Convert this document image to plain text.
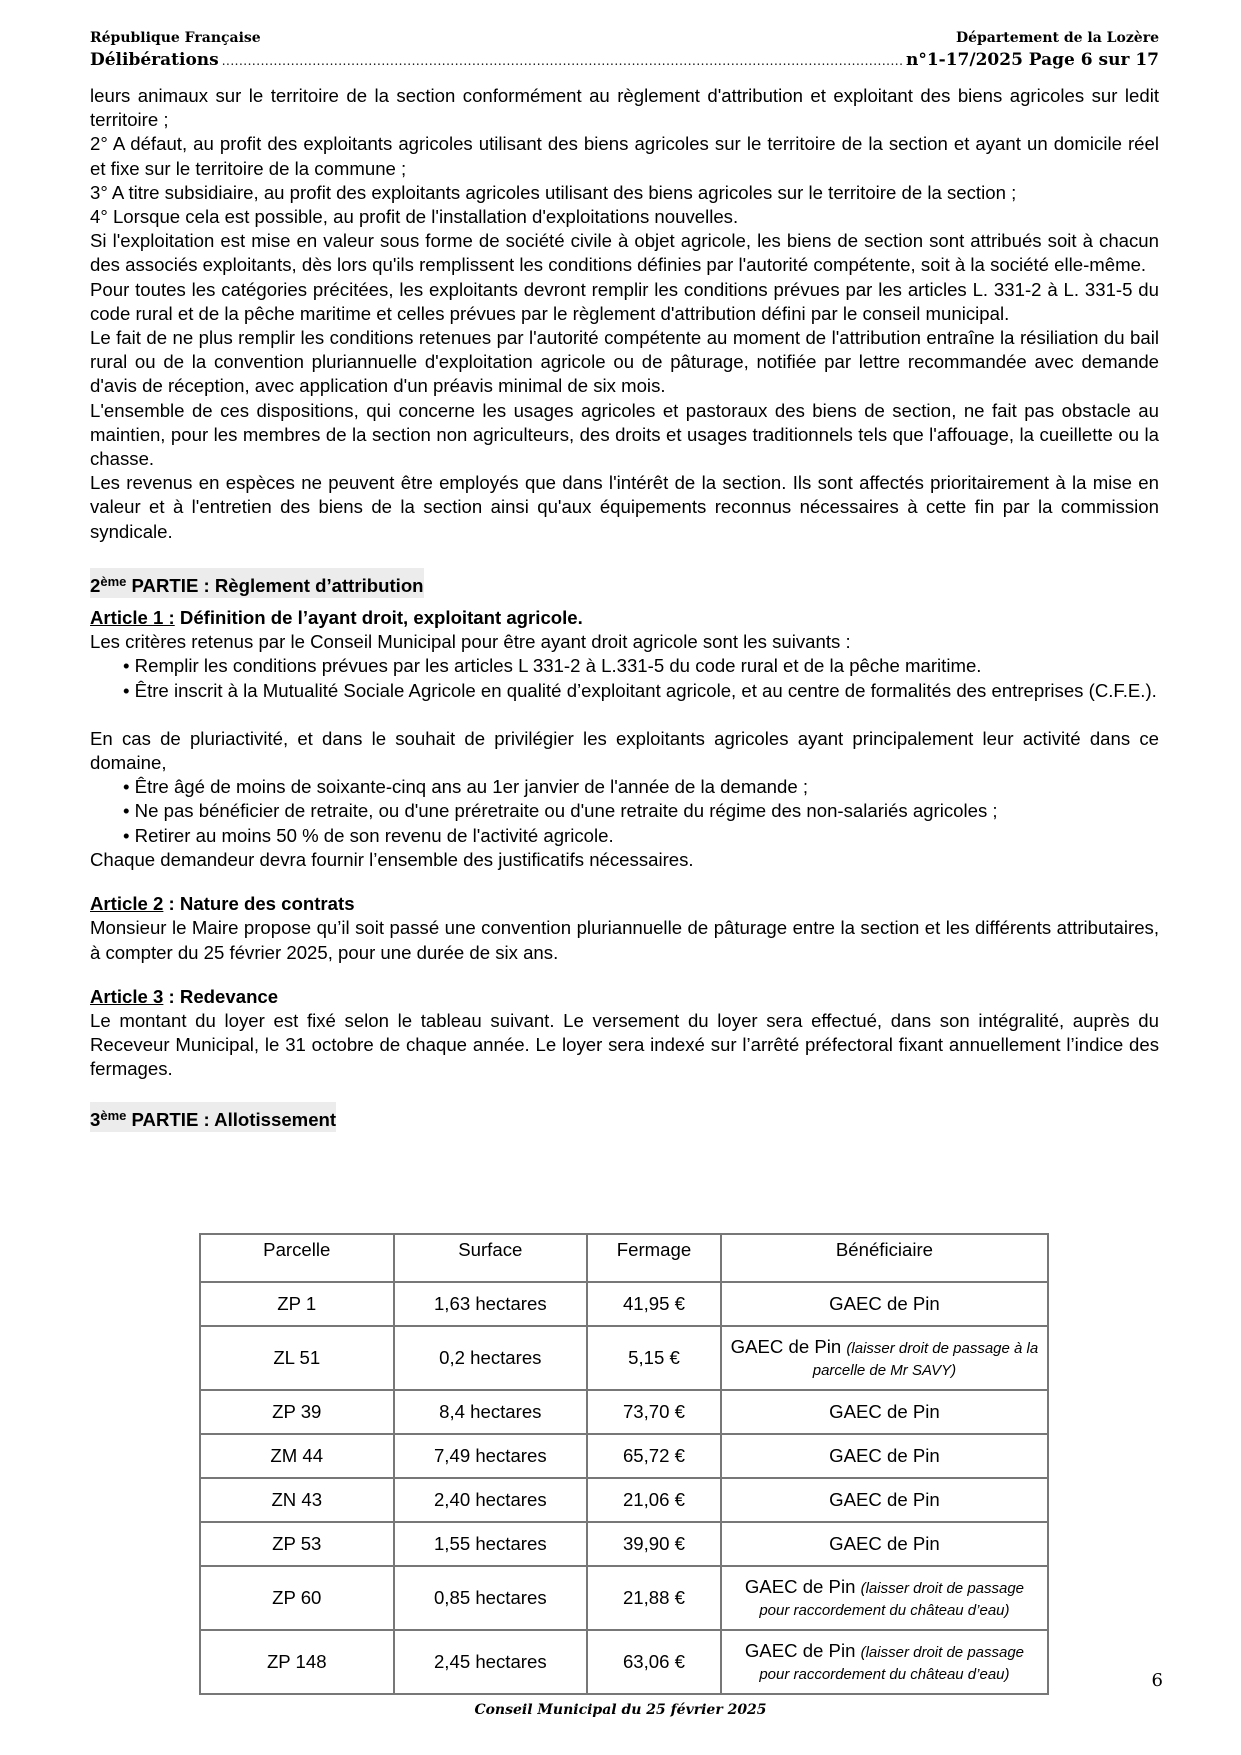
République Française	Département de la Lozère
Délibérations .....	n°1-17/2025 Page 6 sur 17

leurs animaux sur le territoire de la section conformément au règlement d'attribution et exploitant des biens agricoles sur ledit territoire ;

2° A défaut, au profit des exploitants agricoles utilisant des biens agricoles sur le territoire de la section et ayant un domicile réel et fixe sur le territoire de la commune ;

3° A titre subsidiaire, au profit des exploitants agricoles utilisant des biens agricoles sur le territoire de la section ;

4° Lorsque cela est possible, au profit de l'installation d'exploitations nouvelles.

Si l'exploitation est mise en valeur sous forme de société civile à objet agricole, les biens de section sont attribués soit à chacun des associés exploitants, dès lors qu'ils remplissent les conditions définies par l'autorité compétente, soit à la société elle-même.

Pour toutes les catégories précitées, les exploitants devront remplir les conditions prévues par les articles L. 331-2 à L. 331-5 du code rural et de la pêche maritime et celles prévues par le règlement d'attribution défini par le conseil municipal.

Le fait de ne plus remplir les conditions retenues par l'autorité compétente au moment de l'attribution entraîne la résiliation du bail rural ou de la convention pluriannuelle d'exploitation agricole ou de pâturage, notifiée par lettre recommandée avec demande d'avis de réception, avec application d'un préavis minimal de six mois.

L'ensemble de ces dispositions, qui concerne les usages agricoles et pastoraux des biens de section, ne fait pas obstacle au maintien, pour les membres de la section non agriculteurs, des droits et usages traditionnels tels que l'affouage, la cueillette ou la chasse.

Les revenus en espèces ne peuvent être employés que dans l'intérêt de la section. Ils sont affectés prioritairement à la mise en valeur et à l'entretien des biens de la section ainsi qu'aux équipements reconnus nécessaires à cette fin par la commission syndicale.

2ème PARTIE : Règlement d’attribution
Article 1 : Définition de l’ayant droit, exploitant agricole.

Les critères retenus par le Conseil Municipal pour être ayant droit agricole sont les suivants :

• Remplir les conditions prévues par les articles L 331-2 à L.331-5 du code rural et de la pêche maritime.

• Être inscrit à la Mutualité Sociale Agricole en qualité d’exploitant agricole, et au centre de formalités des entreprises (C.F.E.).

En cas de pluriactivité, et dans le souhait de privilégier les exploitants agricoles ayant principalement leur activité dans ce domaine,

• Être âgé de moins de soixante-cinq ans au 1er janvier de l'année de la demande ;

• Ne pas bénéficier de retraite, ou d'une préretraite ou d'une retraite du régime des non-salariés agricoles ;

• Retirer au moins 50 % de son revenu de l'activité agricole.

Chaque demandeur devra fournir l’ensemble des justificatifs nécessaires.

Article 2 : Nature des contrats

Monsieur le Maire propose qu’il soit passé une convention pluriannuelle de pâturage entre la section et les différents attributaires, à compter du 25 février 2025, pour une durée de six ans.

Article 3 : Redevance

Le montant du loyer est fixé selon le tableau suivant. Le versement du loyer sera effectué, dans son intégralité, auprès du Receveur Municipal, le 31 octobre de chaque année. Le loyer sera indexé sur l’arrêté préfectoral fixant annuellement l’indice des fermages.

3ème PARTIE : Allotissement
Parcelle	Surface	Fermage	Bénéficiaire
ZP 1	1,63 hectares	41,95 €	GAEC de Pin
ZL 51	0,2 hectares	5,15 €	GAEC de Pin (laisser droit de passage à la parcelle de Mr SAVY)
ZP 39	8,4 hectares	73,70 €	GAEC de Pin
ZM 44	7,49 hectares	65,72 €	GAEC de Pin
ZN 43	2,40 hectares	21,06 €	GAEC de Pin
ZP 53	1,55 hectares	39,90 €	GAEC de Pin
ZP 60	0,85 hectares	21,88 €	GAEC de Pin (laisser droit de passage pour raccordement du château d’eau)
ZP 148	2,45 hectares	63,06 €	GAEC de Pin (laisser droit de passage pour raccordement du château d’eau)	6
Conseil Municipal du 25 février 2025
